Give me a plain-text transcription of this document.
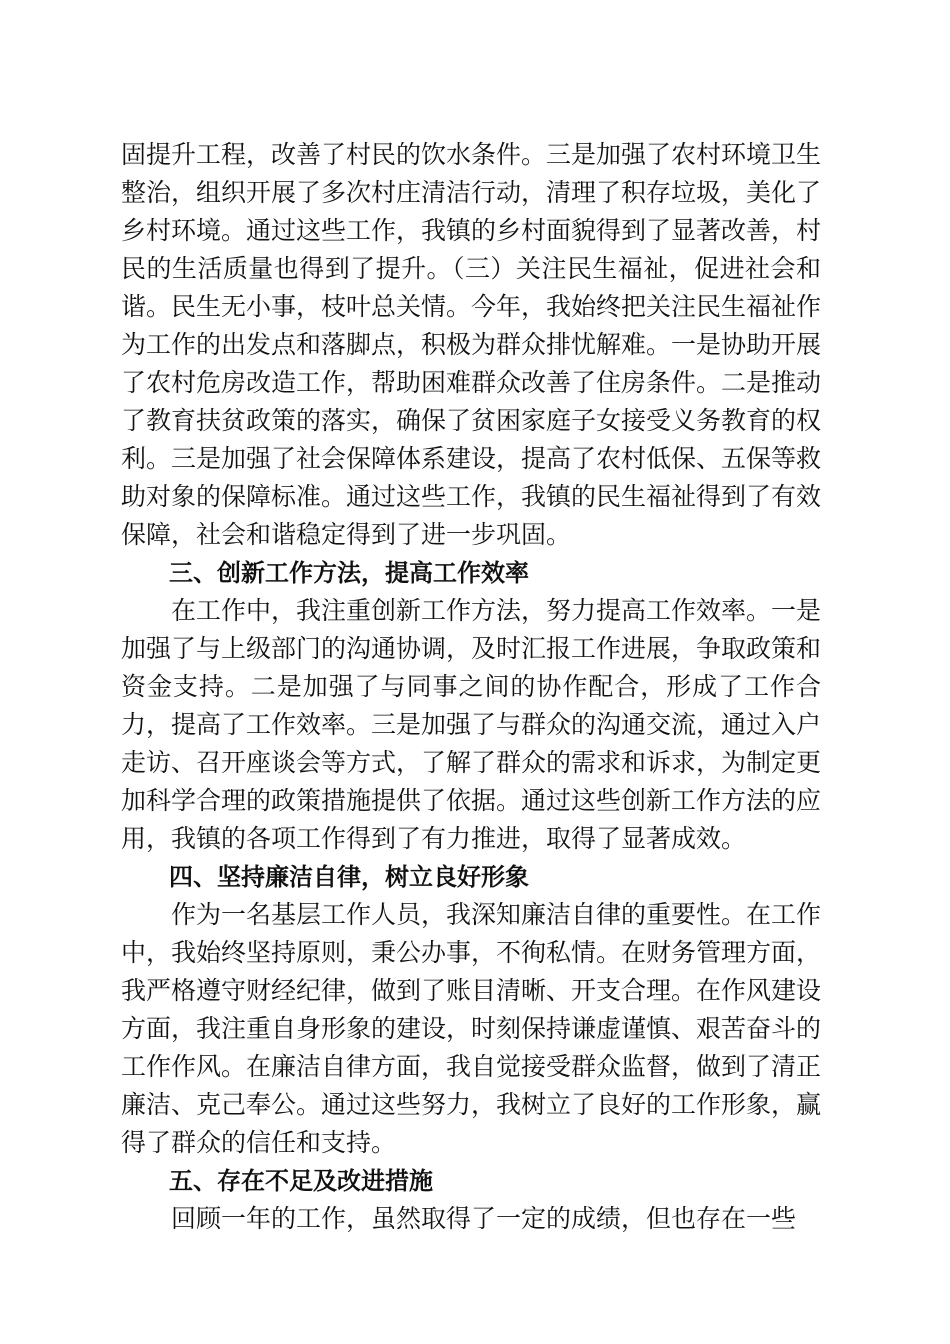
固提升工程，改善了村民的饮水条件。三是加强了农村环境卫生整治，组织开展了多次村庄清洁行动，清理了积存垃圾，美化了乡村环境。通过这些工作，我镇的乡村面貌得到了显著改善，村民的生活质量也得到了提升。（三）关注民生福祉，促进社会和谐。民生无小事，枝叶总关情。今年，我始终把关注民生福祉作为工作的出发点和落脚点，积极为群众排忧解难。一是协助开展了农村危房改造工作，帮助困难群众改善了住房条件。二是推动了教育扶贫政策的落实，确保了贫困家庭子女接受义务教育的权利。三是加强了社会保障体系建设，提高了农村低保、五保等救助对象的保障标准。通过这些工作，我镇的民生福祉得到了有效保障，社会和谐稳定得到了进一步巩固。

三、创新工作方法，提高工作效率

在工作中，我注重创新工作方法，努力提高工作效率。一是加强了与上级部门的沟通协调，及时汇报工作进展，争取政策和资金支持。二是加强了与同事之间的协作配合，形成了工作合力，提高了工作效率。三是加强了与群众的沟通交流，通过入户走访、召开座谈会等方式，了解了群众的需求和诉求，为制定更加科学合理的政策措施提供了依据。通过这些创新工作方法的应用，我镇的各项工作得到了有力推进，取得了显著成效。

四、坚持廉洁自律，树立良好形象

作为一名基层工作人员，我深知廉洁自律的重要性。在工作中，我始终坚持原则，秉公办事，不徇私情。在财务管理方面，我严格遵守财经纪律，做到了账目清晰、开支合理。在作风建设方面，我注重自身形象的建设，时刻保持谦虚谨慎、艰苦奋斗的工作作风。在廉洁自律方面，我自觉接受群众监督，做到了清正廉洁、克己奉公。通过这些努力，我树立了良好的工作形象，赢得了群众的信任和支持。

五、存在不足及改进措施

回顾一年的工作，虽然取得了一定的成绩，但也存在一些
